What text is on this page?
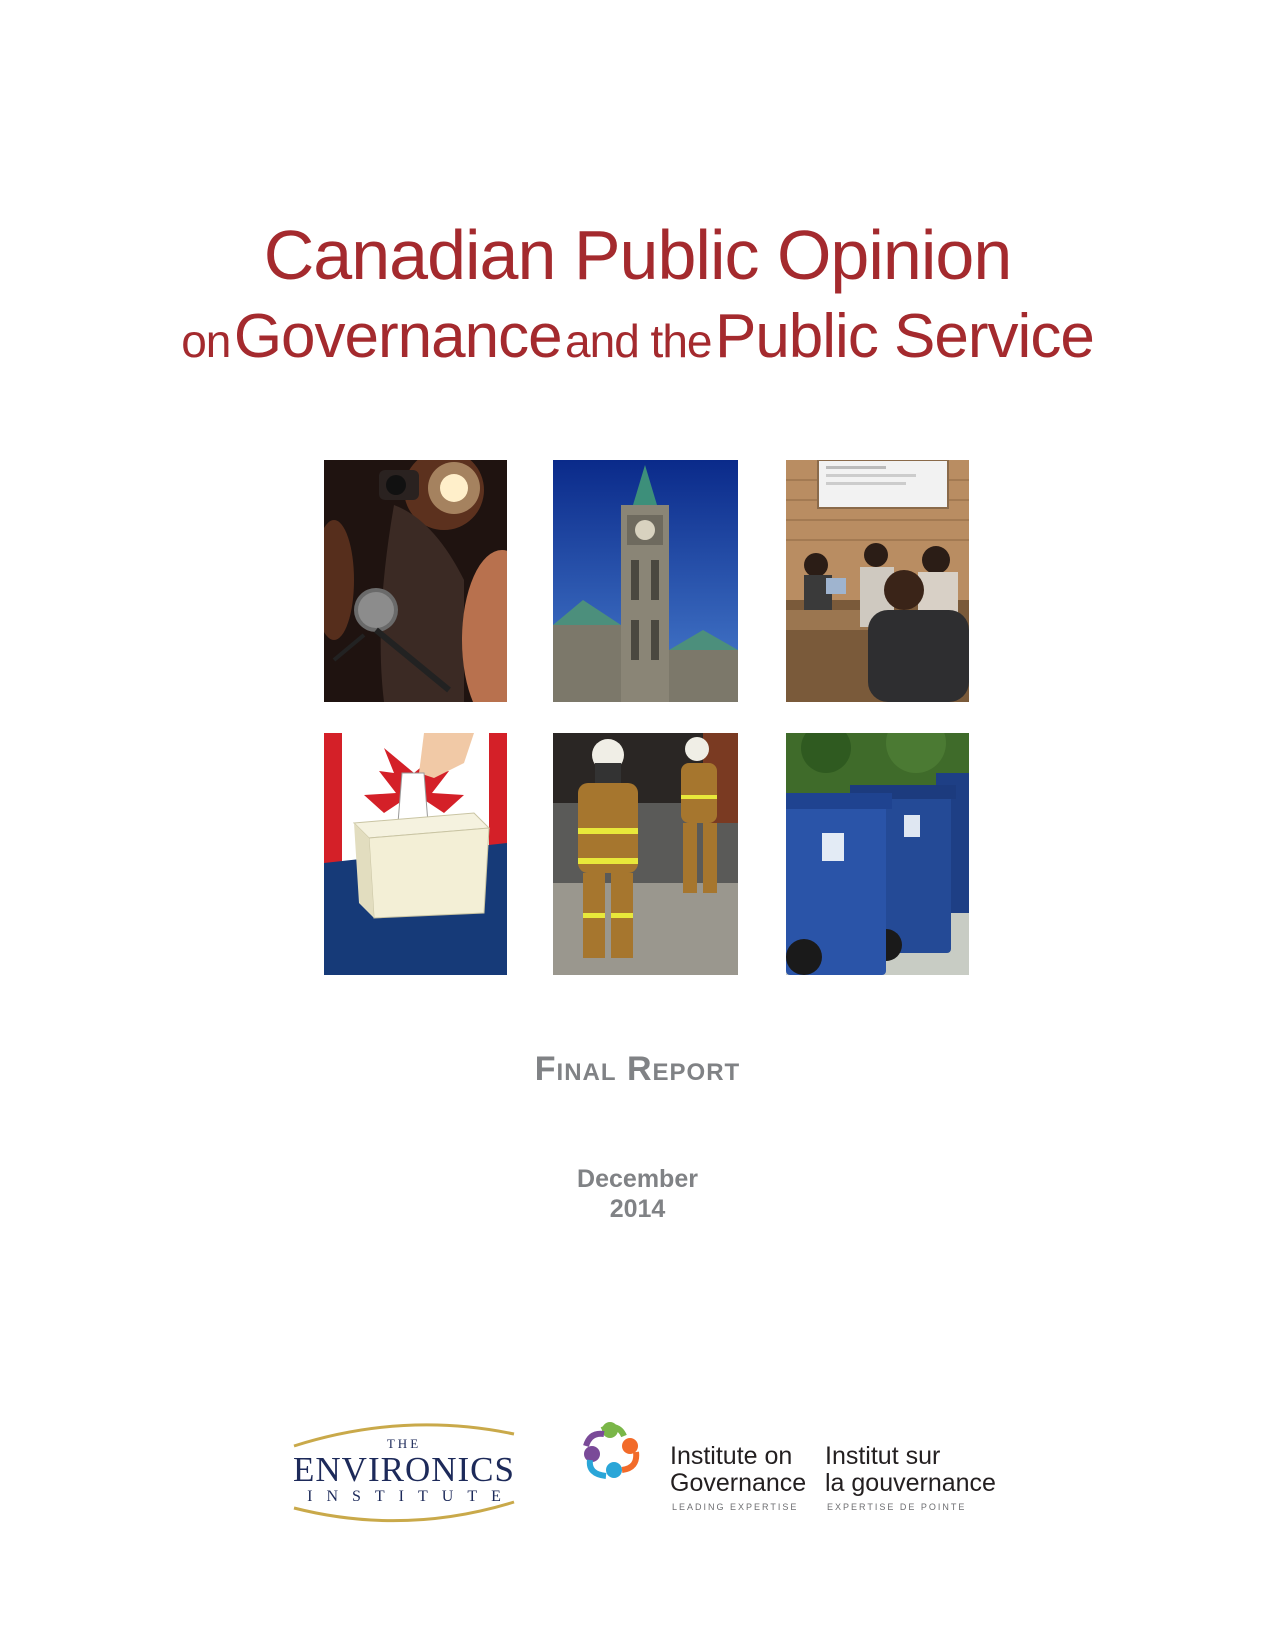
Canadian Public Opinion
on Governance and the Public Service
Final Report
December
2014
THE
ENVIRONICS
INSTITUTE
Institute on
Governance
LEADING EXPERTISE
Institut sur
la gouvernance
EXPERTISE DE POINTE
